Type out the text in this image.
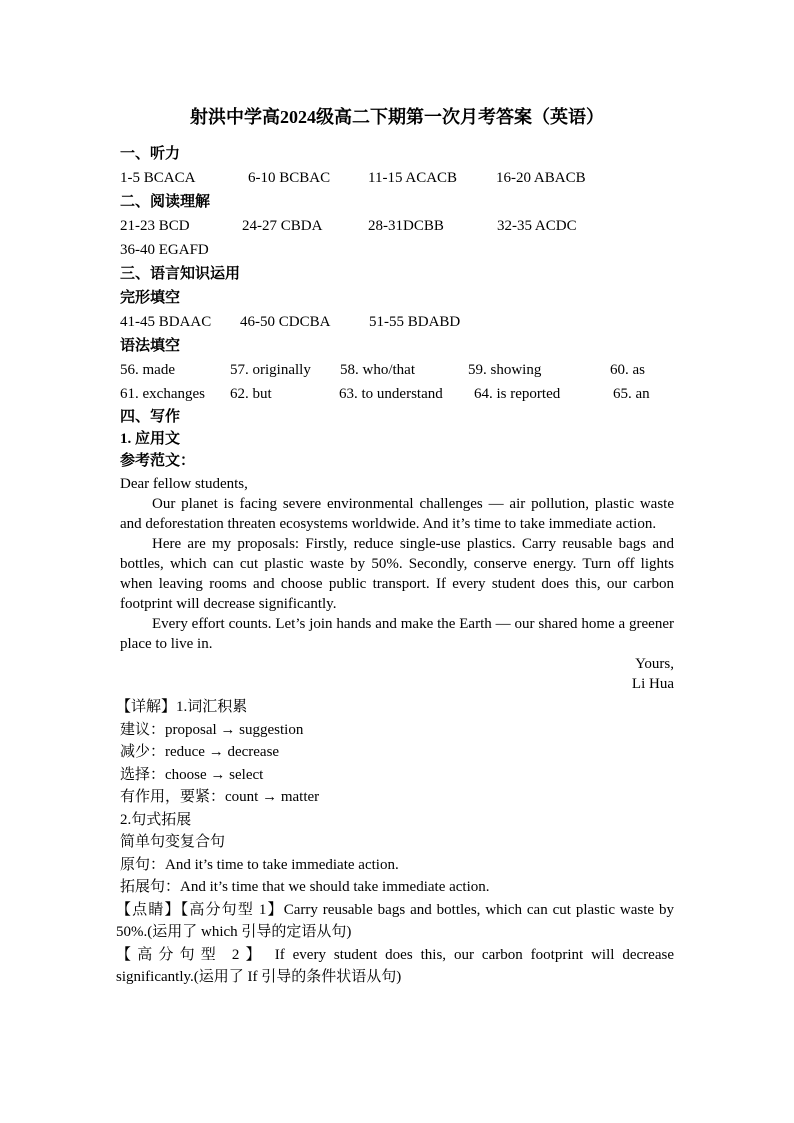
射洪中学高2024级高二下期第一次月考答案（英语）
一、听力
1-5 BCACA	6-10 BCBAC	11-15 ACACB	16-20 ABACB
二、阅读理解
21-23 BCD	24-27 CBDA	28-31DCBB	32-35 ACDC
36-40 EGAFD
三、语言知识运用
完形填空
41-45 BDAAC	46-50 CDCBA	51-55 BDABD
语法填空
56. made	57. originally	58. who/that	59. showing	60. as
61. exchanges	62. but	63. to understand	64. is reported	65. an
四、写作
1. 应用文
参考范文：
Dear fellow students,
Our planet is facing severe environmental challenges — air pollution, plastic waste and deforestation threaten ecosystems worldwide. And it’s time to take immediate action.
Here are my proposals: Firstly, reduce single-use plastics. Carry reusable bags and bottles, which can cut plastic waste by 50%. Secondly, conserve energy. Turn off lights when leaving rooms and choose public transport. If every student does this, our carbon footprint will decrease significantly.
Every effort counts. Let’s join hands and make the Earth — our shared home a greener place to live in.
Yours,
Li Hua
【详解】1.词汇积累
建议：proposal → suggestion
减少：reduce → decrease
选择：choose → select
有作用，要紧：count → matter
2.句式拓展
简单句变复合句
原句：And it’s time to take immediate action.
拓展句：And it’s time that we should take immediate action.
【点睛】【高分句型 1】Carry reusable bags and bottles, which can cut plastic waste by 50%.(运用了 which 引导的定语从句)
【高分句型 2】 If every student does this, our carbon footprint will decrease significantly.(运用了 If 引导的条件状语从句)
